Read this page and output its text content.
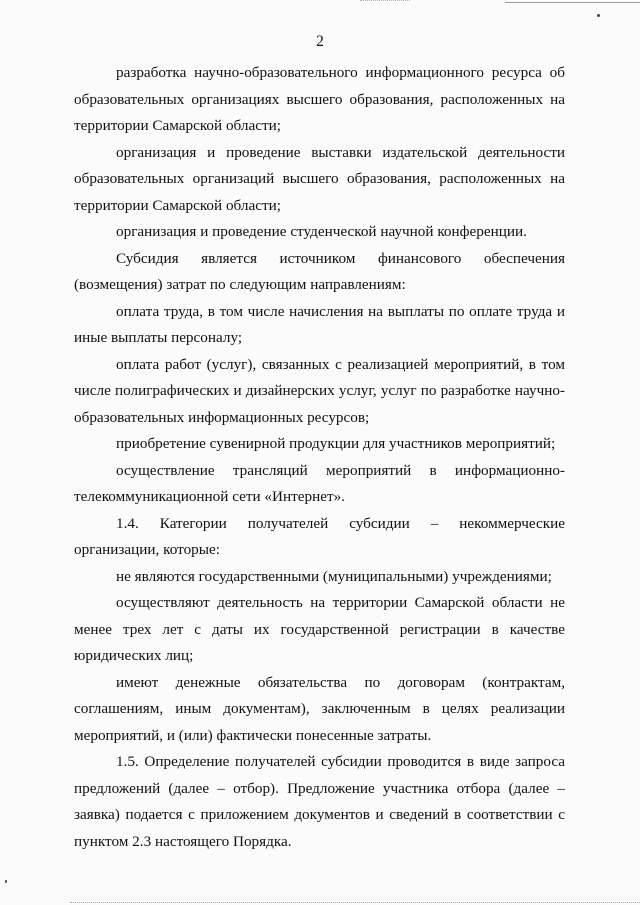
2

разработка научно-образовательного информационного ресурса об образовательных организациях высшего образования, расположенных на территории Самарской области;

организация и проведение выставки издательской деятельности образовательных организаций высшего образования, расположенных на территории Самарской области;

организация и проведение студенческой научной конференции.

Субсидия является источником финансового обеспечения (возмещения) затрат по следующим направлениям:

оплата труда, в том числе начисления на выплаты по оплате труда и иные выплаты персоналу;

оплата работ (услуг), связанных с реализацией мероприятий, в том числе полиграфических и дизайнерских услуг, услуг по разработке научно-образовательных информационных ресурсов;

приобретение сувенирной продукции для участников мероприятий;

осуществление трансляций мероприятий в информационно-телекоммуникационной сети «Интернет».

1.4. Категории получателей субсидии – некоммерческие организации, которые:

не являются государственными (муниципальными) учреждениями;

осуществляют деятельность на территории Самарской области не менее трех лет с даты их государственной регистрации в качестве юридических лиц;

имеют денежные обязательства по договорам (контрактам, соглашениям, иным документам), заключенным в целях реализации мероприятий, и (или) фактически понесенные затраты.

1.5. Определение получателей субсидии проводится в виде запроса предложений (далее – отбор). Предложение участника отбора (далее – заявка) подается с приложением документов и сведений в соответствии с пунктом 2.3 настоящего Порядка.
